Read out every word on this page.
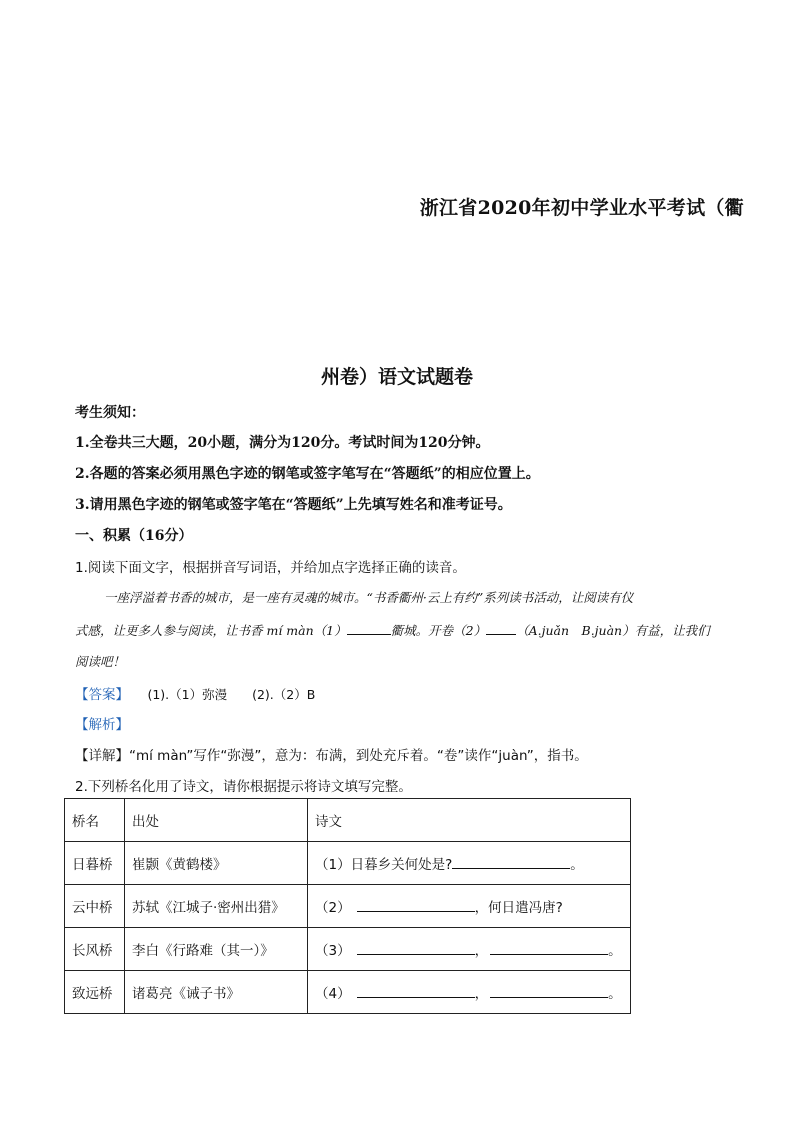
浙江省2020年初中学业水平考试（衢
州卷）语文试题卷
考生须知：
1.全卷共三大题，20小题，满分为120分。考试时间为120分钟。
2.各题的答案必须用黑色字迹的钢笔或签字笔写在“答题纸”的相应位置上。
3.请用黑色字迹的钢笔或签字笔在“答题纸”上先填写姓名和准考证号。
一、积累（16分）
1.阅读下面文字，根据拼音写词语，并给加点字选择正确的读音。
一座浮溢着书香的城市，是一座有灵魂的城市。“书香衢州·云上有约”系列读书活动，让阅读有仪
式感，让更多人参与阅读，让书香 mí màn（1）	衢城。开卷（2） （A.juǎn　B.juàn）有益，让我们
阅读吧！
【答案】 (1).（1）弥漫　　(2).（2）B
【解析】
【详解】“mí màn”写作“弥漫”，意为：布满，到处充斥着。“卷”读作“juàn”，指书。
2.下列桥名化用了诗文，请你根据提示将诗文填写完整。
桥名	出处	诗文
日暮桥	崔颢《黄鹤楼》	（1）日暮乡关何处是? 。
云中桥	苏轼《江城子·密州出猎》	（2） ，何日遣冯唐?
长风桥	李白《行路难（其一）》	（3） ， 。
致远桥	诸葛亮《诫子书》	（4） ， 。
